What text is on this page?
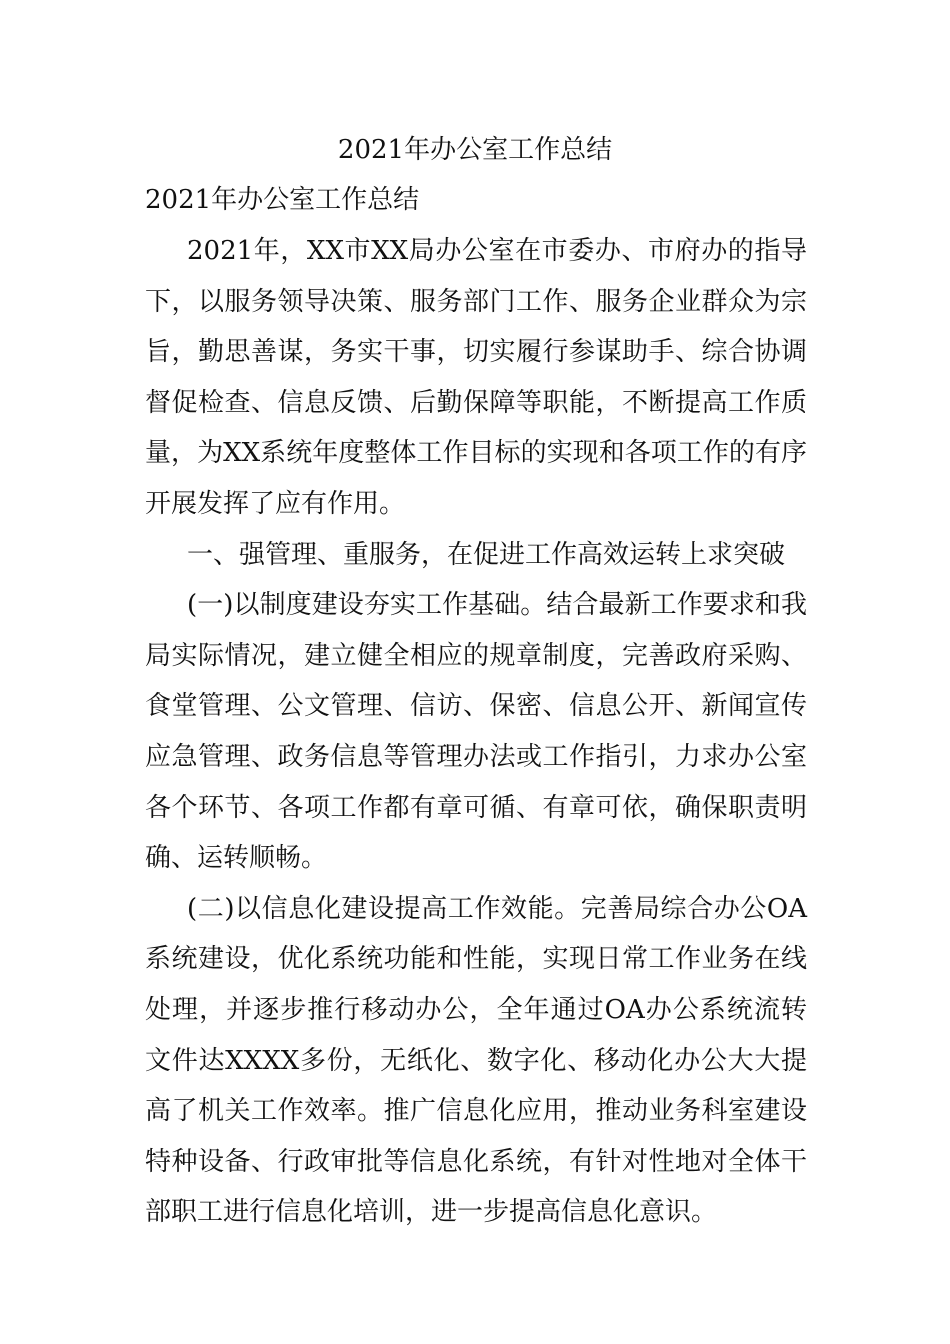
2021年办公室工作总结
2021年办公室工作总结

2021年，XX市XX局办公室在市委办、市府办的指导下，以服务领导决策、服务部门工作、服务企业群众为宗旨，勤思善谋，务实干事，切实履行参谋助手、综合协调督促检查、信息反馈、后勤保障等职能，不断提高工作质量，为XX系统年度整体工作目标的实现和各项工作的有序开展发挥了应有作用。

一、强管理、重服务，在促进工作高效运转上求突破

(一)以制度建设夯实工作基础。结合最新工作要求和我局实际情况，建立健全相应的规章制度，完善政府采购、食堂管理、公文管理、信访、保密、信息公开、新闻宣传应急管理、政务信息等管理办法或工作指引，力求办公室各个环节、各项工作都有章可循、有章可依，确保职责明确、运转顺畅。

(二)以信息化建设提高工作效能。完善局综合办公OA系统建设，优化系统功能和性能，实现日常工作业务在线处理，并逐步推行移动办公，全年通过OA办公系统流转文件达XXXX多份，无纸化、数字化、移动化办公大大提高了机关工作效率。推广信息化应用，推动业务科室建设特种设备、行政审批等信息化系统，有针对性地对全体干部职工进行信息化培训，进一步提高信息化意识。
